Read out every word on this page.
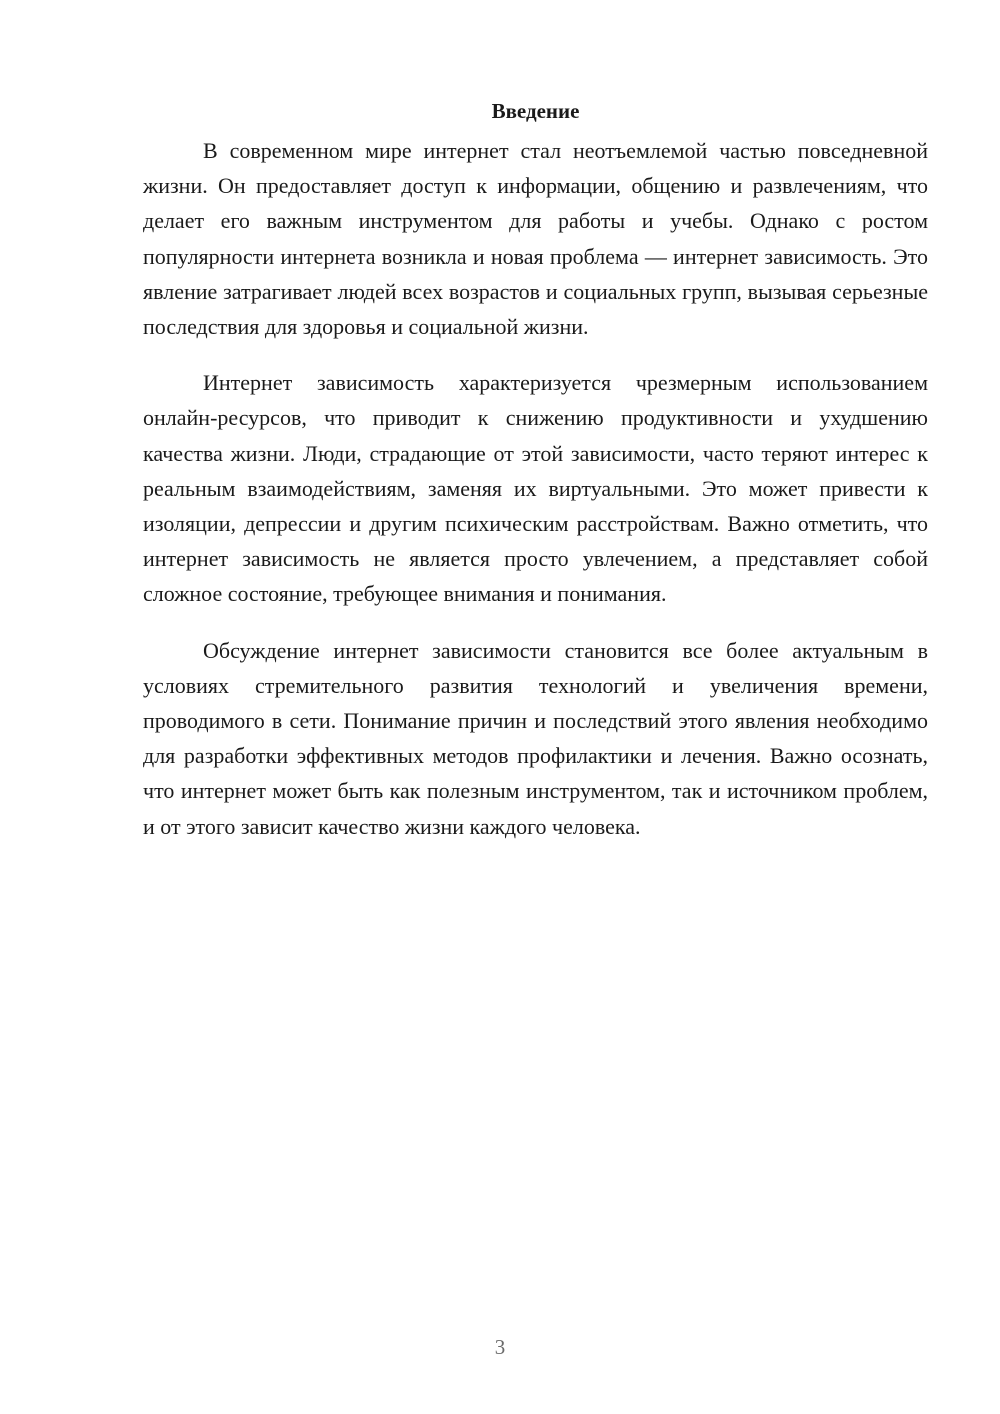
Введение

В современном мире интернет стал неотъемлемой частью повседневной жизни. Он предоставляет доступ к информации, общению и развлечениям, что делает его важным инструментом для работы и учебы. Однако с ростом популярности интернета возникла и новая проблема — интернет зависимость. Это явление затрагивает людей всех возрастов и социальных групп, вызывая серьезные последствия для здоровья и социальной жизни.

Интернет зависимость характеризуется чрезмерным использованием онлайн-ресурсов, что приводит к снижению продуктивности и ухудшению качества жизни. Люди, страдающие от этой зависимости, часто теряют интерес к реальным взаимодействиям, заменяя их виртуальными. Это может привести к изоляции, депрессии и другим психическим расстройствам. Важно отметить, что интернет зависимость не является просто увлечением, а представляет собой сложное состояние, требующее внимания и понимания.

Обсуждение интернет зависимости становится все более актуальным в условиях стремительного развития технологий и увеличения времени, проводимого в сети. Понимание причин и последствий этого явления необходимо для разработки эффективных методов профилактики и лечения. Важно осознать, что интернет может быть как полезным инструментом, так и источником проблем, и от этого зависит качество жизни каждого человека.

3
